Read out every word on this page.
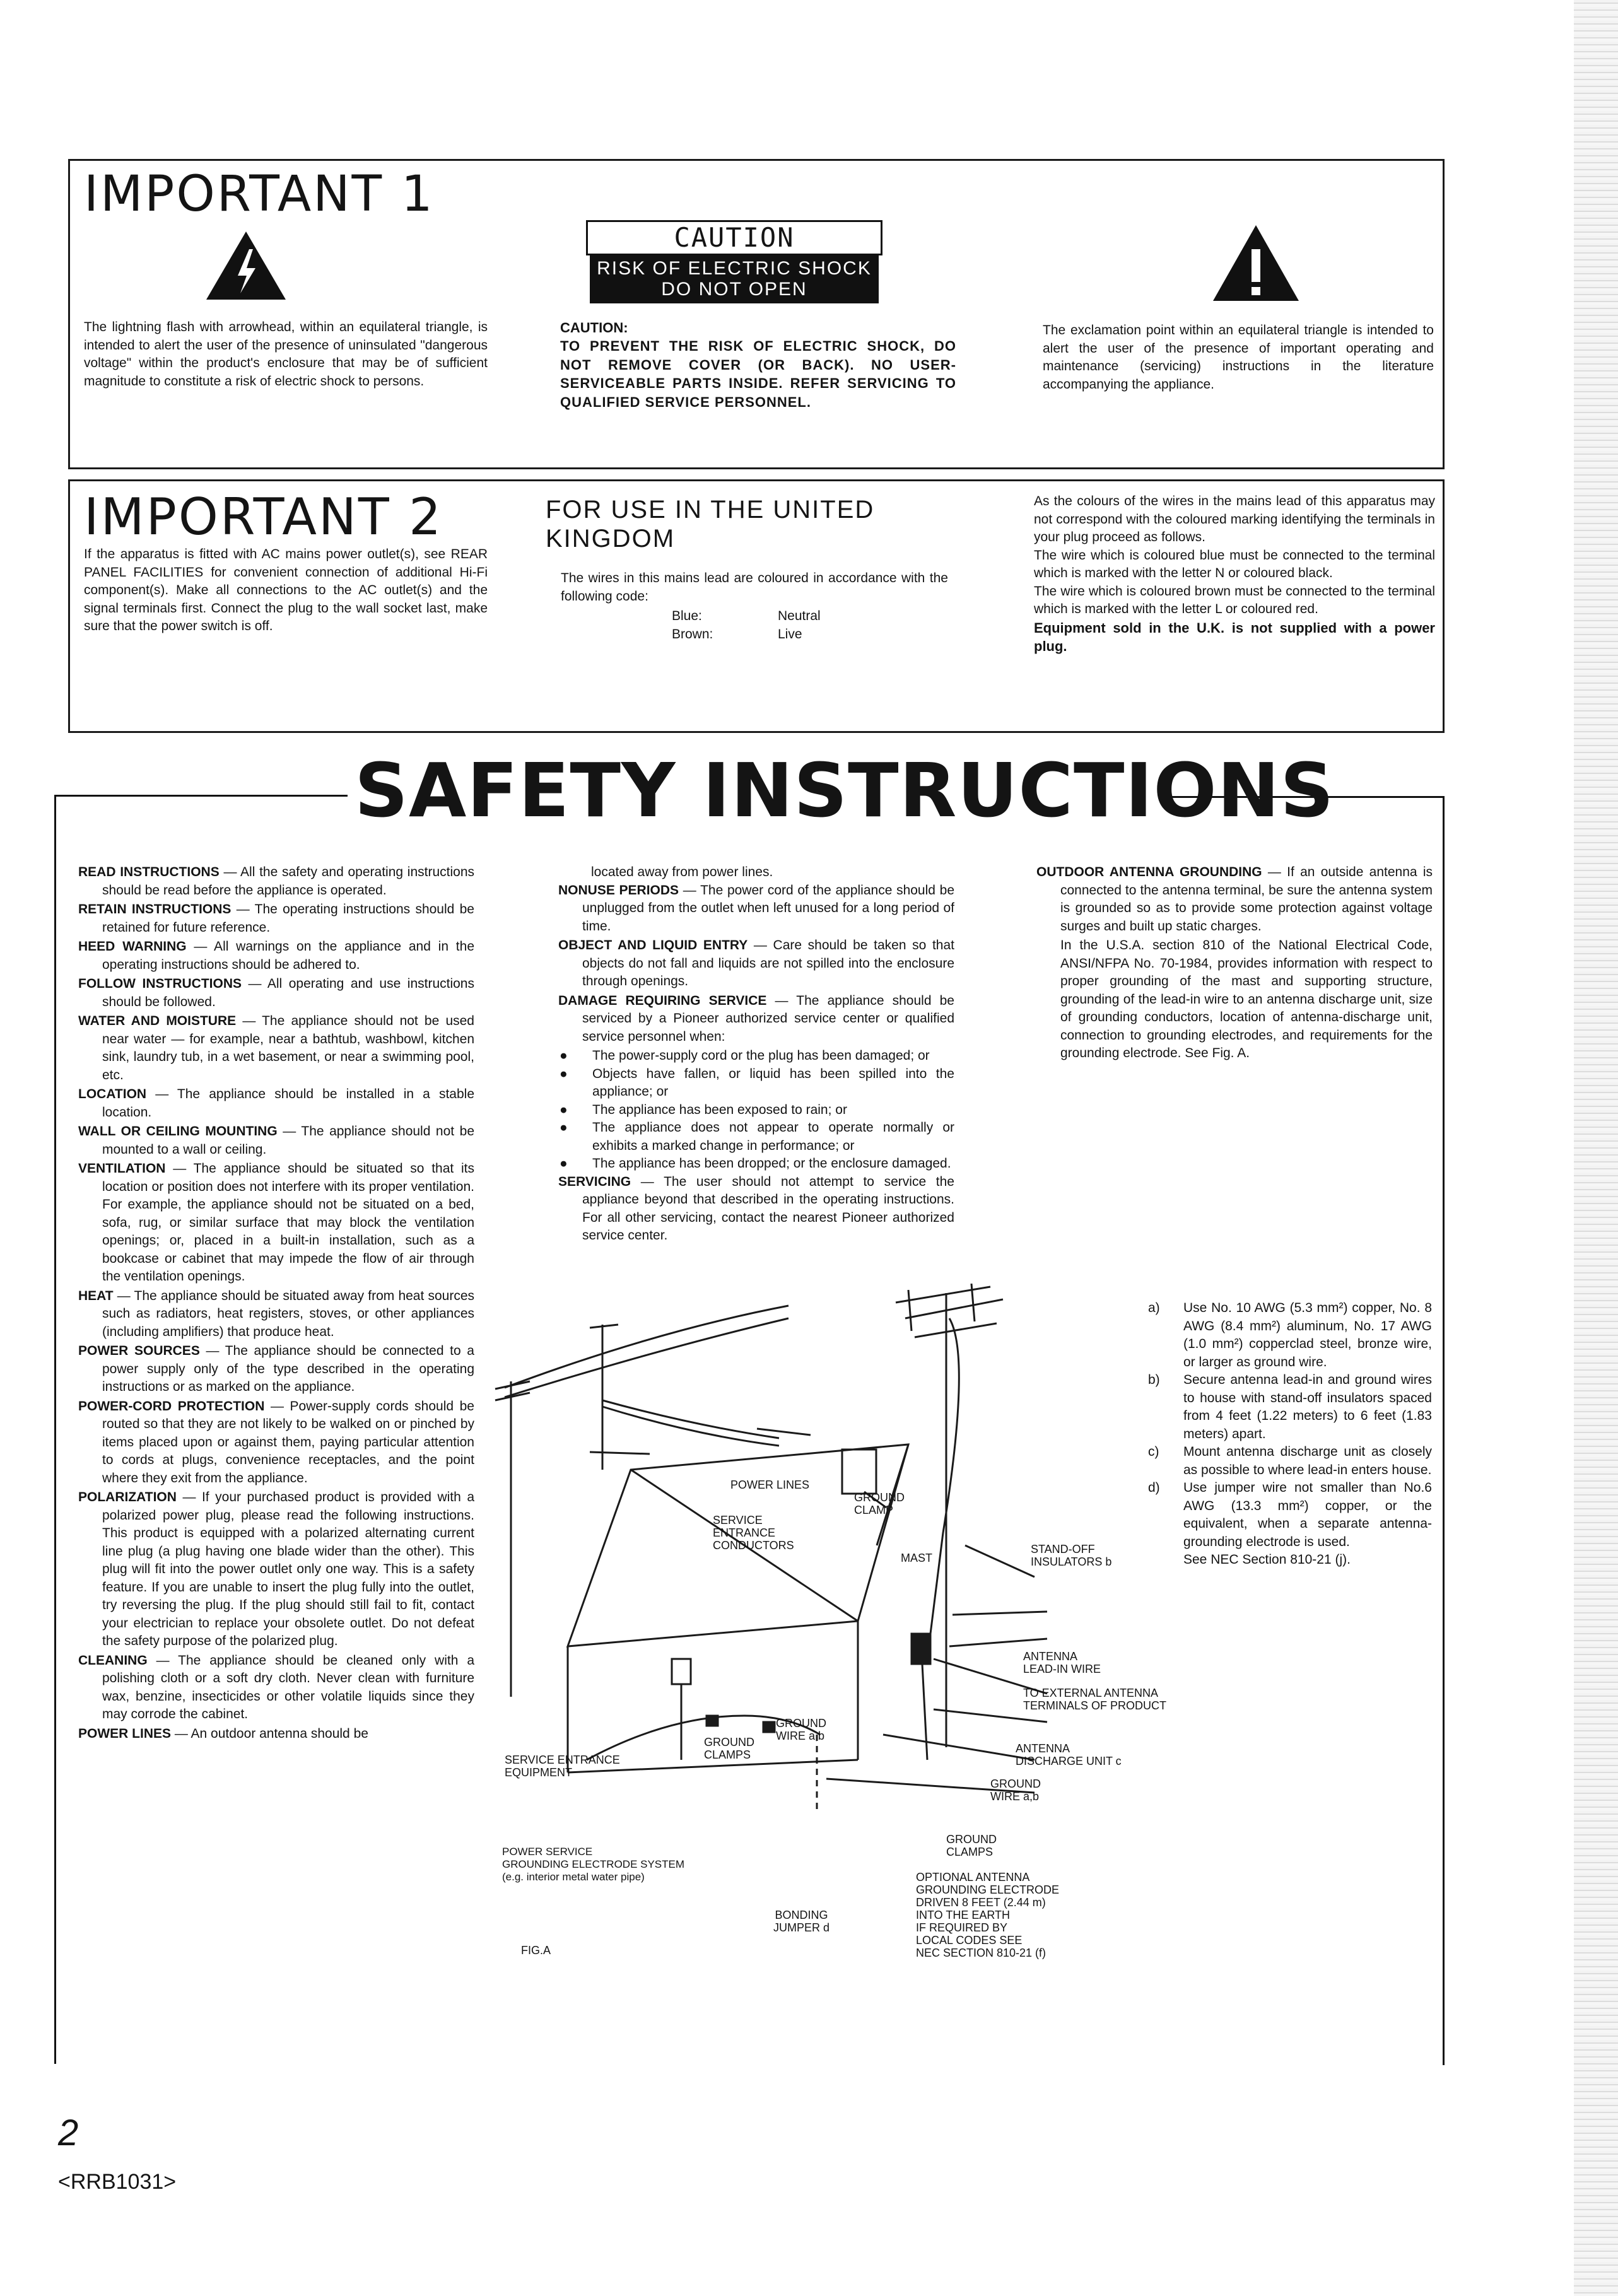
IMPORTANT 1

The lightning flash with arrowhead, within an equilateral triangle, is intended to alert the user of the presence of uninsulated "dangerous voltage" within the product's enclosure that may be of sufficient magnitude to constitute a risk of electric shock to persons.

CAUTION
RISK OF ELECTRIC SHOCK
DO NOT OPEN

CAUTION:

TO PREVENT THE RISK OF ELECTRIC SHOCK, DO NOT REMOVE COVER (OR BACK). NO USER-SERVICEABLE PARTS INSIDE. REFER SERVICING TO QUALIFIED SERVICE PERSONNEL.

The exclamation point within an equilateral triangle is intended to alert the user of the presence of important operating and maintenance (servicing) instructions in the literature accompanying the appliance.

IMPORTANT 2

If the apparatus is fitted with AC mains power outlet(s), see REAR PANEL FACILITIES for convenient connection of additional Hi-Fi component(s). Make all connections to the AC outlet(s) and the signal terminals first. Connect the plug to the wall socket last, make sure that the power switch is off.

FOR USE IN THE UNITED
KINGDOM

The wires in this mains lead are coloured in accordance with the following code:

Blue:	Neutral
Brown:	Live

As the colours of the wires in the mains lead of this apparatus may not correspond with the coloured marking identifying the terminals in your plug proceed as follows.

The wire which is coloured blue must be connected to the terminal which is marked with the letter N or coloured black.

The wire which is coloured brown must be connected to the terminal which is marked with the letter L or coloured red.

Equipment sold in the U.K. is not supplied with a power plug.

SAFETY INSTRUCTIONS

READ INSTRUCTIONS — All the safety and operating instructions should be read before the appliance is operated.

RETAIN INSTRUCTIONS — The operating instructions should be retained for future reference.

HEED WARNING — All warnings on the appliance and in the operating instructions should be adhered to.

FOLLOW INSTRUCTIONS — All operating and use instructions should be followed.

WATER AND MOISTURE — The appliance should not be used near water — for example, near a bathtub, washbowl, kitchen sink, laundry tub, in a wet basement, or near a swimming pool, etc.

LOCATION — The appliance should be installed in a stable location.

WALL OR CEILING MOUNTING — The appliance should not be mounted to a wall or ceiling.

VENTILATION — The appliance should be situated so that its location or position does not interfere with its proper ventilation. For example, the appliance should not be situated on a bed, sofa, rug, or similar surface that may block the ventilation openings; or, placed in a built-in installation, such as a bookcase or cabinet that may impede the flow of air through the ventilation openings.

HEAT — The appliance should be situated away from heat sources such as radiators, heat registers, stoves, or other appliances (including amplifiers) that produce heat.

POWER SOURCES — The appliance should be connected to a power supply only of the type described in the operating instructions or as marked on the appliance.

POWER-CORD PROTECTION — Power-supply cords should be routed so that they are not likely to be walked on or pinched by items placed upon or against them, paying particular attention to cords at plugs, convenience receptacles, and the point where they exit from the appliance.

POLARIZATION — If your purchased product is provided with a polarized power plug, please read the following instructions. This product is equipped with a polarized alternating current line plug (a plug having one blade wider than the other). This plug will fit into the power outlet only one way. This is a safety feature. If you are unable to insert the plug fully into the outlet, try reversing the plug. If the plug should still fail to fit, contact your electrician to replace your obsolete outlet. Do not defeat the safety purpose of the polarized plug.

CLEANING — The appliance should be cleaned only with a polishing cloth or a soft dry cloth. Never clean with furniture wax, benzine, insecticides or other volatile liquids since they may corrode the cabinet.

POWER LINES — An outdoor antenna should be

located away from power lines.

NONUSE PERIODS — The power cord of the appliance should be unplugged from the outlet when left unused for a long period of time.

OBJECT AND LIQUID ENTRY — Care should be taken so that objects do not fall and liquids are not spilled into the enclosure through openings.

DAMAGE REQUIRING SERVICE — The appliance should be serviced by a Pioneer authorized service center or qualified service personnel when:

● The power-supply cord or the plug has been damaged; or

● Objects have fallen, or liquid has been spilled into the appliance; or

● The appliance has been exposed to rain; or

● The appliance does not appear to operate normally or exhibits a marked change in performance; or

● The appliance has been dropped; or the enclosure damaged.

SERVICING — The user should not attempt to service the appliance beyond that described in the operating instructions. For all other servicing, contact the nearest Pioneer authorized service center.

OUTDOOR ANTENNA GROUNDING — If an outside antenna is connected to the antenna terminal, be sure the antenna system is grounded so as to provide some protection against voltage surges and built up static charges.

In the U.S.A. section 810 of the National Electrical Code, ANSI/NFPA No. 70-1984, provides information with respect to proper grounding of the mast and supporting structure, grounding of the lead-in wire to an antenna discharge unit, size of grounding conductors, location of antenna-discharge unit, connection to grounding electrodes, and requirements for the grounding electrode. See Fig. A.

a) Use No. 10 AWG (5.3 mm²) copper, No. 8 AWG (8.4 mm²) aluminum, No. 17 AWG (1.0 mm²) copperclad steel, bronze wire, or larger as ground wire.

b) Secure antenna lead-in and ground wires to house with stand-off insulators spaced from 4 feet (1.22 meters) to 6 feet (1.83 meters) apart.

c) Mount antenna discharge unit as closely as possible to where lead-in enters house.

d) Use jumper wire not smaller than No.6 AWG (13.3 mm²) copper, or the equivalent, when a separate antenna-grounding electrode is used.

See NEC Section 810-21 (j).

POWER LINES
SERVICE
ENTRANCE
CONDUCTORS
GROUND
CLAMP
MAST
STAND-OFF
INSULATORS b
ANTENNA
LEAD-IN WIRE
TO EXTERNAL ANTENNA
TERMINALS OF PRODUCT
GROUND
WIRE a,b
GROUND
CLAMPS
SERVICE ENTRANCE
EQUIPMENT
ANTENNA
DISCHARGE UNIT c
GROUND
WIRE a,b
GROUND
CLAMPS
POWER SERVICE
GROUNDING ELECTRODE SYSTEM
(e.g. interior metal water pipe)	OPTIONAL ANTENNA
GROUNDING ELECTRODE
DRIVEN 8 FEET (2.44 m)
INTO THE EARTH
IF REQUIRED BY
LOCAL CODES SEE
NEC SECTION 810-21 (f)
BONDING
JUMPER d
FIG.A
2
<RRB1031>
